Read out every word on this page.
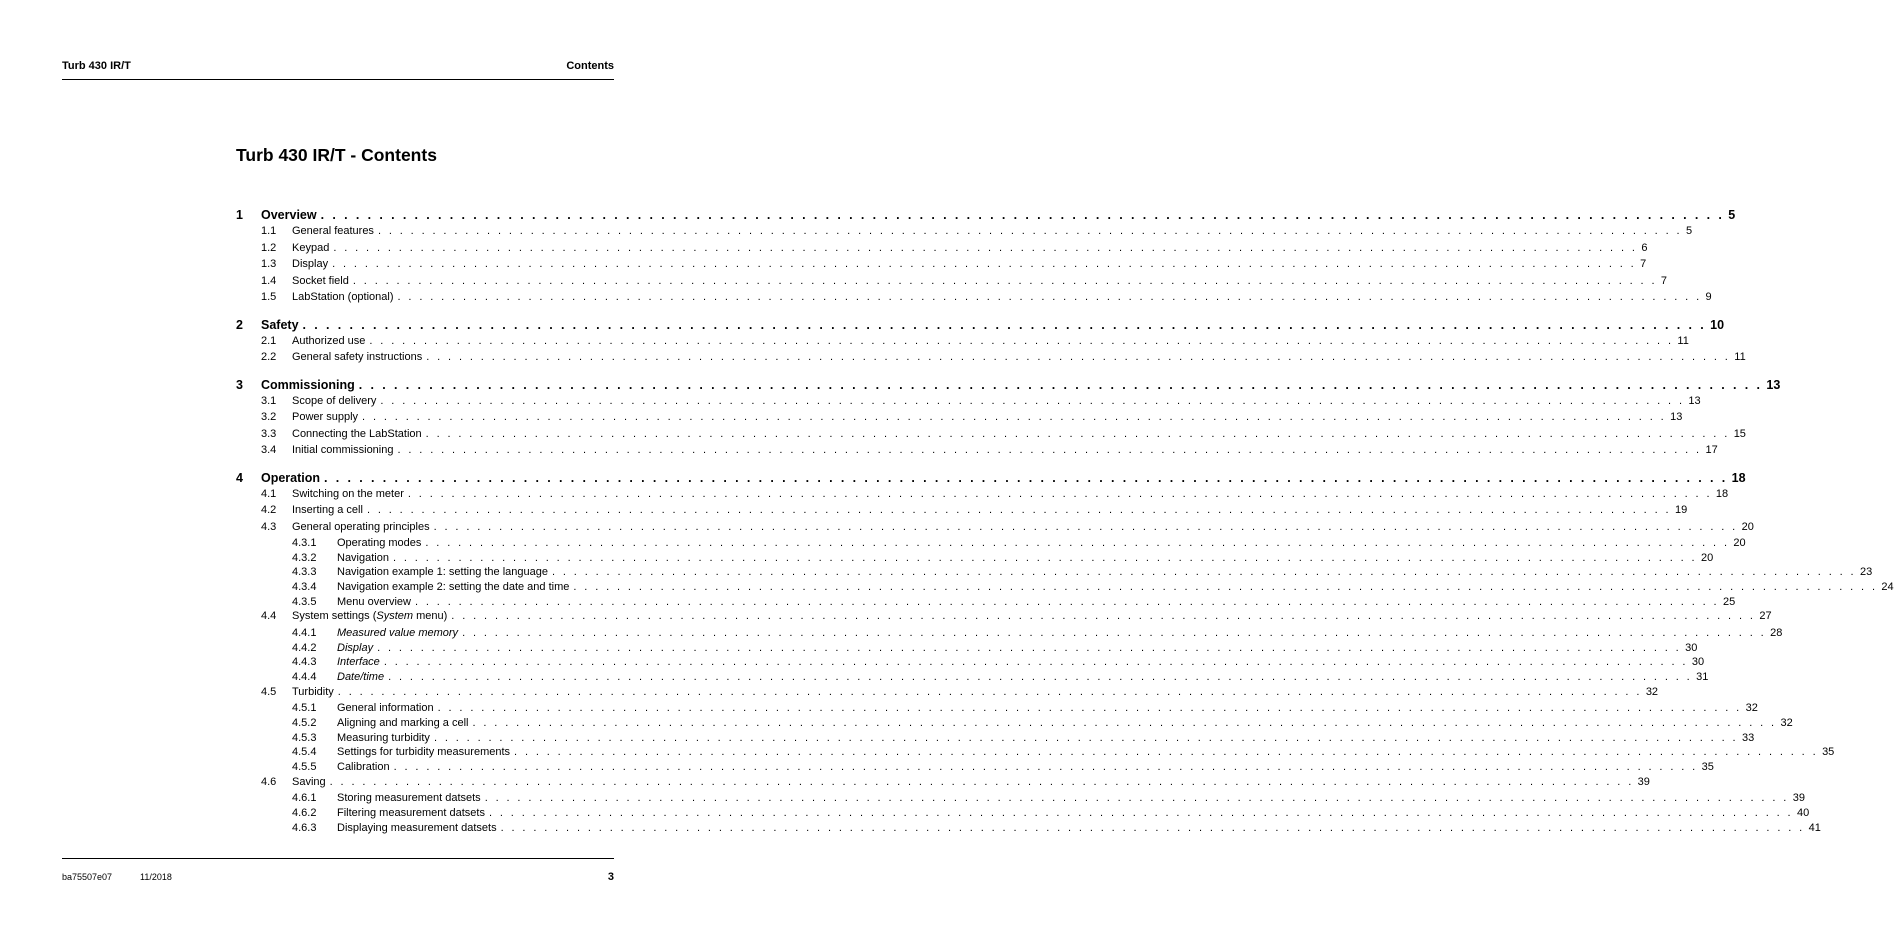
Turb 430 IR/T	Contents
Turb 430 IR/T - Contents
1 Overview . . . . . . . . . . . . . . . . . . . . . . . . . . . . . . . . . . . . . . . . . . . . . . . . . . . . . . . . . . . . . . . . . . . . . . . . . . . . . . . . . . . . . . . . . . . . . . . . . . . . . . . . . . . . . . . . . . . . . . . . 5
1.1 General features . . . . . . . . . . . . . . . . . . . . . . . . . . . . . . . . . . . . . . . . . . . . . . . . . . . . . . . . . . . . . . . . . . . . . . . . . . . . . . . . . . . . . . . . . . . . . . . . . . . . . . . . . . . . . . . . . . . . . . . . 5
1.2 Keypad . . . . . . . . . . . . . . . . . . . . . . . . . . . . . . . . . . . . . . . . . . . . . . . . . . . . . . . . . . . . . . . . . . . . . . . . . . . . . . . . . . . . . . . . . . . . . . . . . . . . . . . . . . . . . . . . . . . . . . . . 6
1.3 Display . . . . . . . . . . . . . . . . . . . . . . . . . . . . . . . . . . . . . . . . . . . . . . . . . . . . . . . . . . . . . . . . . . . . . . . . . . . . . . . . . . . . . . . . . . . . . . . . . . . . . . . . . . . . . . . . . . . . . . . . 7
1.4 Socket field . . . . . . . . . . . . . . . . . . . . . . . . . . . . . . . . . . . . . . . . . . . . . . . . . . . . . . . . . . . . . . . . . . . . . . . . . . . . . . . . . . . . . . . . . . . . . . . . . . . . . . . . . . . . . . . . . . . . . . . . 7
1.5 LabStation (optional) . . . . . . . . . . . . . . . . . . . . . . . . . . . . . . . . . . . . . . . . . . . . . . . . . . . . . . . . . . . . . . . . . . . . . . . . . . . . . . . . . . . . . . . . . . . . . . . . . . . . . . . . . . . . . . . . . . . . . . . . 9
2 Safety . . . . . . . . . . . . . . . . . . . . . . . . . . . . . . . . . . . . . . . . . . . . . . . . . . . . . . . . . . . . . . . . . . . . . . . . . . . . . . . . . . . . . . . . . . . . . . . . . . . . . . . . . . . . . . . . . . . . . . . . 10
2.1 Authorized use . . . . . . . . . . . . . . . . . . . . . . . . . . . . . . . . . . . . . . . . . . . . . . . . . . . . . . . . . . . . . . . . . . . . . . . . . . . . . . . . . . . . . . . . . . . . . . . . . . . . . . . . . . . . . . . . . . . . . . . . 11
2.2 General safety instructions . . . . . . . . . . . . . . . . . . . . . . . . . . . . . . . . . . . . . . . . . . . . . . . . . . . . . . . . . . . . . . . . . . . . . . . . . . . . . . . . . . . . . . . . . . . . . . . . . . . . . . . . . . . . . . . . . . . . . . . . 11
3 Commissioning . . . . . . . . . . . . . . . . . . . . . . . . . . . . . . . . . . . . . . . . . . . . . . . . . . . . . . . . . . . . . . . . . . . . . . . . . . . . . . . . . . . . . . . . . . . . . . . . . . . . . . . . . . . . . . . . . . . . . . . . 13
3.1 Scope of delivery . . . . . . . . . . . . . . . . . . . . . . . . . . . . . . . . . . . . . . . . . . . . . . . . . . . . . . . . . . . . . . . . . . . . . . . . . . . . . . . . . . . . . . . . . . . . . . . . . . . . . . . . . . . . . . . . . . . . . . . . 13
3.2 Power supply . . . . . . . . . . . . . . . . . . . . . . . . . . . . . . . . . . . . . . . . . . . . . . . . . . . . . . . . . . . . . . . . . . . . . . . . . . . . . . . . . . . . . . . . . . . . . . . . . . . . . . . . . . . . . . . . . . . . . . . . 13
3.3 Connecting the LabStation . . . . . . . . . . . . . . . . . . . . . . . . . . . . . . . . . . . . . . . . . . . . . . . . . . . . . . . . . . . . . . . . . . . . . . . . . . . . . . . . . . . . . . . . . . . . . . . . . . . . . . . . . . . . . . . . . . . . . . . . 15
3.4 Initial commissioning . . . . . . . . . . . . . . . . . . . . . . . . . . . . . . . . . . . . . . . . . . . . . . . . . . . . . . . . . . . . . . . . . . . . . . . . . . . . . . . . . . . . . . . . . . . . . . . . . . . . . . . . . . . . . . . . . . . . . . . . 17
4 Operation . . . . . . . . . . . . . . . . . . . . . . . . . . . . . . . . . . . . . . . . . . . . . . . . . . . . . . . . . . . . . . . . . . . . . . . . . . . . . . . . . . . . . . . . . . . . . . . . . . . . . . . . . . . . . . . . . . . . . . . . 18
4.1 Switching on the meter . . . . . . . . . . . . . . . . . . . . . . . . . . . . . . . . . . . . . . . . . . . . . . . . . . . . . . . . . . . . . . . . . . . . . . . . . . . . . . . . . . . . . . . . . . . . . . . . . . . . . . . . . . . . . . . . . . . . . . . . 18
4.2 Inserting a cell . . . . . . . . . . . . . . . . . . . . . . . . . . . . . . . . . . . . . . . . . . . . . . . . . . . . . . . . . . . . . . . . . . . . . . . . . . . . . . . . . . . . . . . . . . . . . . . . . . . . . . . . . . . . . . . . . . . . . . . . 19
4.3 General operating principles . . . . . . . . . . . . . . . . . . . . . . . . . . . . . . . . . . . . . . . . . . . . . . . . . . . . . . . . . . . . . . . . . . . . . . . . . . . . . . . . . . . . . . . . . . . . . . . . . . . . . . . . . . . . . . . . . . . . . . . . 20
4.3.1 Operating modes . . . . . . . . . . . . . . . . . . . . . . . . . . . . . . . . . . . . . . . . . . . . . . . . . . . . . . . . . . . . . . . . . . . . . . . . . . . . . . . . . . . . . . . . . . . . . . . . . . . . . . . . . . . . . . . . . . . . . . . . 20
4.3.2 Navigation . . . . . . . . . . . . . . . . . . . . . . . . . . . . . . . . . . . . . . . . . . . . . . . . . . . . . . . . . . . . . . . . . . . . . . . . . . . . . . . . . . . . . . . . . . . . . . . . . . . . . . . . . . . . . . . . . . . . . . . . 20
4.3.3 Navigation example 1: setting the language . . . . . . . . . . . . . . . . . . . . . . . . . . . . . . . . . . . . . . . . . . . . . . . . . . . . . . . . . . . . . . . . . . . . . . . . . . . . . . . . . . . . . . . . . . . . . . . . . . . . . . . . . . . . . . . . . . . . . . . . 23
4.3.4 Navigation example 2: setting the date and time . . . . . . . . . . . . . . . . . . . . . . . . . . . . . . . . . . . . . . . . . . . . . . . . . . . . . . . . . . . . . . . . . . . . . . . . . . . . . . . . . . . . . . . . . . . . . . . . . . . . . . . . . . . . . . . . . . . . . . . . 24
4.3.5 Menu overview . . . . . . . . . . . . . . . . . . . . . . . . . . . . . . . . . . . . . . . . . . . . . . . . . . . . . . . . . . . . . . . . . . . . . . . . . . . . . . . . . . . . . . . . . . . . . . . . . . . . . . . . . . . . . . . . . . . . . . . . 25
4.4 System settings (System menu) . . . . . . . . . . . . . . . . . . . . . . . . . . . . . . . . . . . . . . . . . . . . . . . . . . . . . . . . . . . . . . . . . . . . . . . . . . . . . . . . . . . . . . . . . . . . . . . . . . . . . . . . . . . . . . . . . . . . . . . . 27
4.4.1 Measured value memory . . . . . . . . . . . . . . . . . . . . . . . . . . . . . . . . . . . . . . . . . . . . . . . . . . . . . . . . . . . . . . . . . . . . . . . . . . . . . . . . . . . . . . . . . . . . . . . . . . . . . . . . . . . . . . . . . . . . . . . . 28
4.4.2 Display . . . . . . . . . . . . . . . . . . . . . . . . . . . . . . . . . . . . . . . . . . . . . . . . . . . . . . . . . . . . . . . . . . . . . . . . . . . . . . . . . . . . . . . . . . . . . . . . . . . . . . . . . . . . . . . . . . . . . . . . 30
4.4.3 Interface . . . . . . . . . . . . . . . . . . . . . . . . . . . . . . . . . . . . . . . . . . . . . . . . . . . . . . . . . . . . . . . . . . . . . . . . . . . . . . . . . . . . . . . . . . . . . . . . . . . . . . . . . . . . . . . . . . . . . . . . 30
4.4.4 Date/time . . . . . . . . . . . . . . . . . . . . . . . . . . . . . . . . . . . . . . . . . . . . . . . . . . . . . . . . . . . . . . . . . . . . . . . . . . . . . . . . . . . . . . . . . . . . . . . . . . . . . . . . . . . . . . . . . . . . . . . . 31
4.5 Turbidity . . . . . . . . . . . . . . . . . . . . . . . . . . . . . . . . . . . . . . . . . . . . . . . . . . . . . . . . . . . . . . . . . . . . . . . . . . . . . . . . . . . . . . . . . . . . . . . . . . . . . . . . . . . . . . . . . . . . . . . . 32
4.5.1 General information . . . . . . . . . . . . . . . . . . . . . . . . . . . . . . . . . . . . . . . . . . . . . . . . . . . . . . . . . . . . . . . . . . . . . . . . . . . . . . . . . . . . . . . . . . . . . . . . . . . . . . . . . . . . . . . . . . . . . . . . 32
4.5.2 Aligning and marking a cell . . . . . . . . . . . . . . . . . . . . . . . . . . . . . . . . . . . . . . . . . . . . . . . . . . . . . . . . . . . . . . . . . . . . . . . . . . . . . . . . . . . . . . . . . . . . . . . . . . . . . . . . . . . . . . . . . . . . . . . . 32
4.5.3 Measuring turbidity . . . . . . . . . . . . . . . . . . . . . . . . . . . . . . . . . . . . . . . . . . . . . . . . . . . . . . . . . . . . . . . . . . . . . . . . . . . . . . . . . . . . . . . . . . . . . . . . . . . . . . . . . . . . . . . . . . . . . . . . 33
4.5.4 Settings for turbidity measurements . . . . . . . . . . . . . . . . . . . . . . . . . . . . . . . . . . . . . . . . . . . . . . . . . . . . . . . . . . . . . . . . . . . . . . . . . . . . . . . . . . . . . . . . . . . . . . . . . . . . . . . . . . . . . . . . . . . . . . . . 35
4.5.5 Calibration . . . . . . . . . . . . . . . . . . . . . . . . . . . . . . . . . . . . . . . . . . . . . . . . . . . . . . . . . . . . . . . . . . . . . . . . . . . . . . . . . . . . . . . . . . . . . . . . . . . . . . . . . . . . . . . . . . . . . . . . 35
4.6 Saving . . . . . . . . . . . . . . . . . . . . . . . . . . . . . . . . . . . . . . . . . . . . . . . . . . . . . . . . . . . . . . . . . . . . . . . . . . . . . . . . . . . . . . . . . . . . . . . . . . . . . . . . . . . . . . . . . . . . . . . . 39
4.6.1 Storing measurement datsets . . . . . . . . . . . . . . . . . . . . . . . . . . . . . . . . . . . . . . . . . . . . . . . . . . . . . . . . . . . . . . . . . . . . . . . . . . . . . . . . . . . . . . . . . . . . . . . . . . . . . . . . . . . . . . . . . . . . . . . . 39
4.6.2 Filtering measurement datsets . . . . . . . . . . . . . . . . . . . . . . . . . . . . . . . . . . . . . . . . . . . . . . . . . . . . . . . . . . . . . . . . . . . . . . . . . . . . . . . . . . . . . . . . . . . . . . . . . . . . . . . . . . . . . . . . . . . . . . . . 40
4.6.3 Displaying measurement datsets . . . . . . . . . . . . . . . . . . . . . . . . . . . . . . . . . . . . . . . . . . . . . . . . . . . . . . . . . . . . . . . . . . . . . . . . . . . . . . . . . . . . . . . . . . . . . . . . . . . . . . . . . . . . . . . . . . . . . . . . 41
ba75507e07	11/2018	3
